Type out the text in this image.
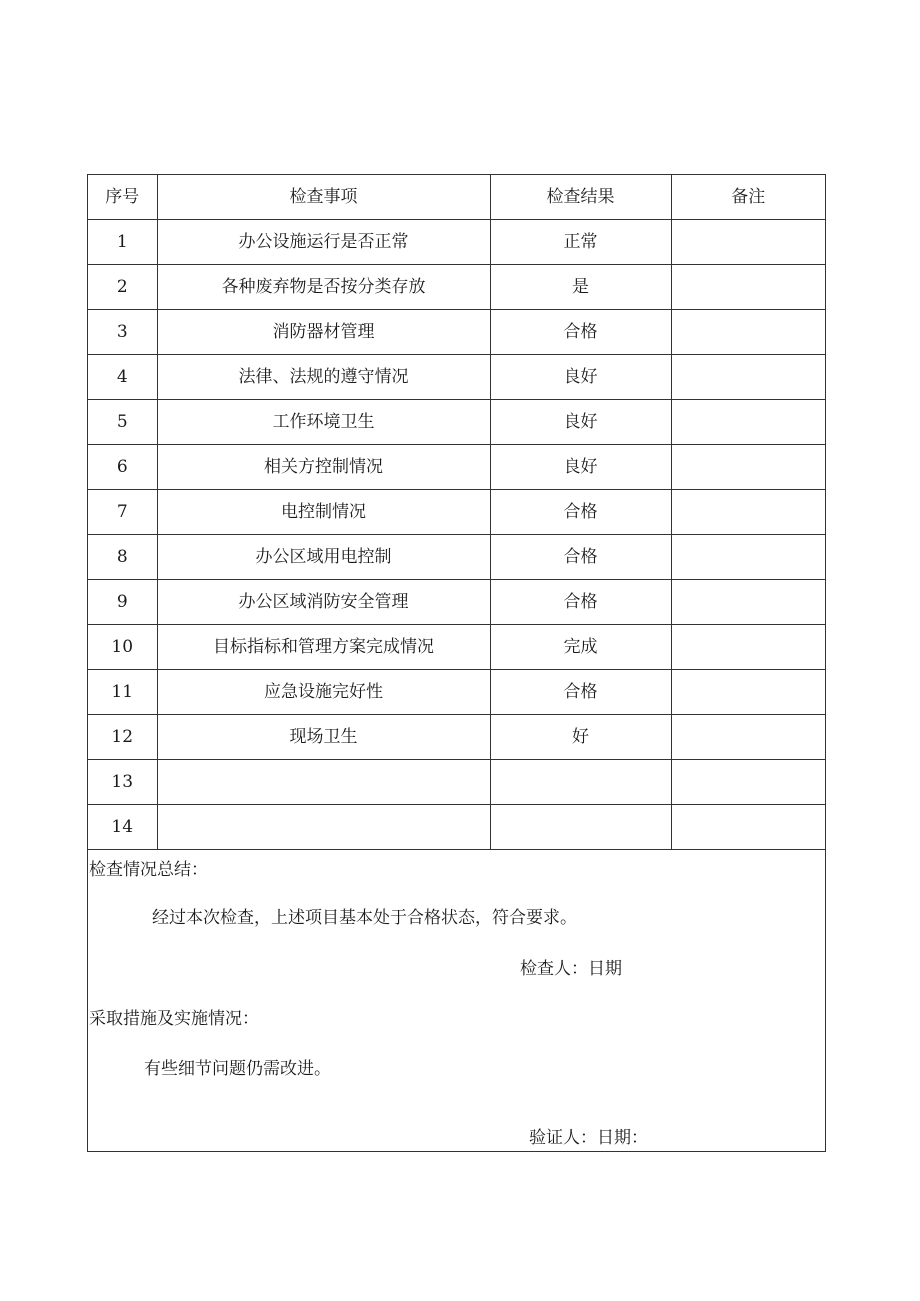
序号	检查事项	检查结果	备注
1	办公设施运行是否正常	正常	
2	各种废弃物是否按分类存放	是	
3	消防器材管理	合格	
4	法律、法规的遵守情况	良好	
5	工作环境卫生	良好	
6	相关方控制情况	良好	
7	电控制情况	合格	
8	办公区域用电控制	合格	
9	办公区域消防安全管理	合格	
10	目标指标和管理方案完成情况	完成	
11	应急设施完好性	合格	
12	现场卫生	好	
13			
14			
检查情况总结：
经过本次检查，上述项目基本处于合格状态，符合要求。
检查人：日期
采取措施及实施情况：
有些细节问题仍需改进。
验证人：日期：
